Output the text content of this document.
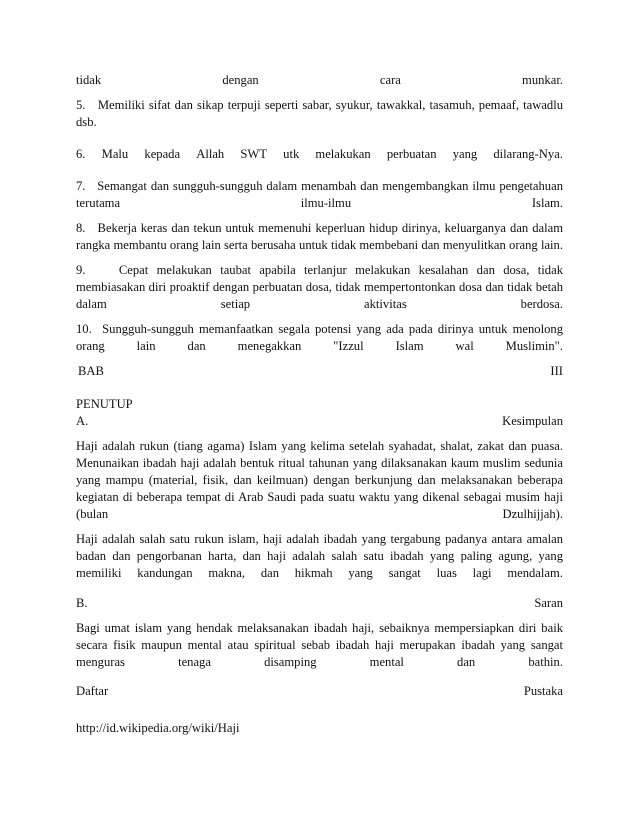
tidak	dengan	cara	munkar.
5. Memiliki sifat dan sikap terpuji seperti sabar, syukur, tawakkal, tasamuh, pemaaf, tawadlu
dsb.
6. Malu kepada Allah SWT utk melakukan perbuatan yang dilarang-Nya.
7. Semangat dan sungguh-sungguh dalam menambah dan mengembangkan ilmu pengetahuan
terutama	ilmu-ilmu	Islam.
8. Bekerja keras dan tekun untuk memenuhi keperluan hidup dirinya, keluarganya dan dalam
rangka membantu orang lain serta berusaha untuk tidak membebani dan menyulitkan orang lain.
9.	Cepat melakukan taubat apabila terlanjur melakukan kesalahan dan dosa, tidak
membiasakan diri proaktif dengan perbuatan dosa, tidak mempertontonkan dosa dan tidak betah
dalam	setiap	aktivitas	berdosa.
10. Sungguh-sungguh memanfaatkan segala potensi yang ada pada dirinya untuk menolong
orang	lain	dan	menegakkan	"Izzul	Islam	wal	Muslimin".
BAB	III
PENUTUP
A.	Kesimpulan
Haji adalah rukun (tiang agama) Islam yang kelima setelah syahadat, shalat, zakat dan puasa.
Menunaikan ibadah haji adalah bentuk ritual tahunan yang dilaksanakan kaum muslim sedunia
yang mampu (material, fisik, dan keilmuan) dengan berkunjung dan melaksanakan beberapa
kegiatan di beberapa tempat di Arab Saudi pada suatu waktu yang dikenal sebagai musim haji
(bulan	Dzulhijjah).
Haji adalah salah satu rukun islam, haji adalah ibadah yang tergabung padanya antara amalan
badan dan pengorbanan harta, dan haji adalah salah satu ibadah yang paling agung, yang
memiliki kandungan makna, dan hikmah yang sangat luas lagi mendalam.
B.	Saran
Bagi umat islam yang hendak melaksanakan ibadah haji, sebaiknya mempersiapkan diri baik
secara fisik maupun mental atau spiritual sebab ibadah haji merupakan ibadah yang sangat
menguras	tenaga	disamping	mental	dan	bathin.
Daftar	Pustaka
http://id.wikipedia.org/wiki/Haji
